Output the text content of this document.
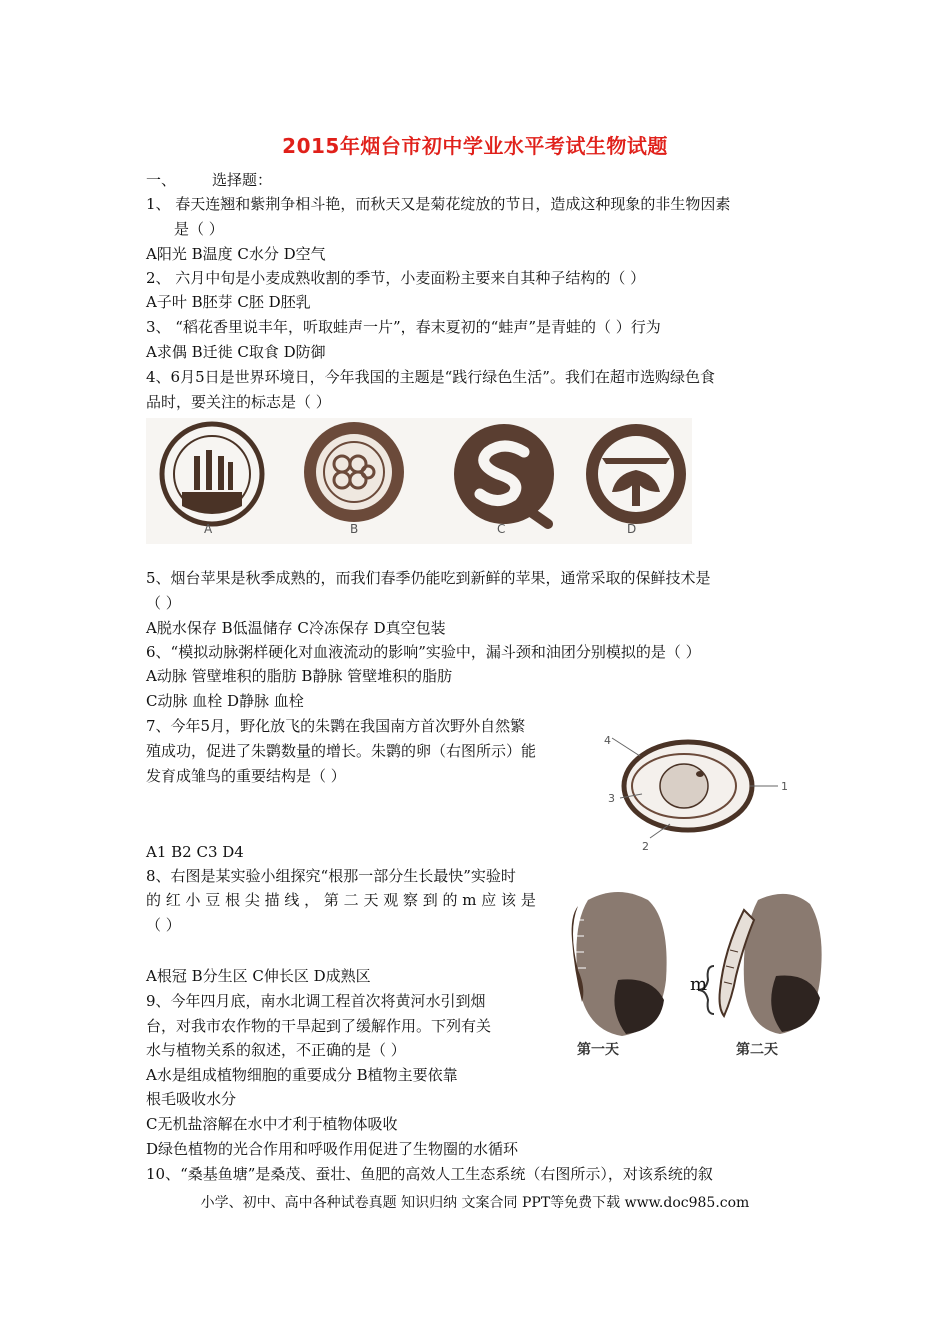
2015年烟台市初中学业水平考试生物试题
一、 选择题：
1、 春天连翘和紫荆争相斗艳，而秋天又是菊花绽放的节日，造成这种现象的非生物因素
是（ ）
A阳光 B温度 C水分 D空气
2、 六月中旬是小麦成熟收割的季节，小麦面粉主要来自其种子结构的（ ）
A子叶 B胚芽 C胚 D胚乳
3、 “稻花香里说丰年，听取蛙声一片”，春末夏初的“蛙声”是青蛙的（ ）行为
A求偶 B迁徙 C取食 D防御
4、6月5日是世界环境日，今年我国的主题是“践行绿色生活”。我们在超市选购绿色食
品时，要关注的标志是（ ）
A	B	C	D
5、烟台苹果是秋季成熟的，而我们春季仍能吃到新鲜的苹果，通常采取的保鲜技术是
（ ）
A脱水保存 B低温储存 C冷冻保存 D真空包装
6、“模拟动脉粥样硬化对血液流动的影响”实验中，漏斗颈和油团分别模拟的是（ ）
A动脉 管壁堆积的脂肪 B静脉 管壁堆积的脂肪
C动脉 血栓 D静脉 血栓
7、今年5月，野化放飞的朱鹮在我国南方首次野外自然繁
殖成功，促进了朱鹮数量的增长。朱鹮的卵（右图所示）能
发育成雏鸟的重要结构是（ ）
A1 B2 C3 D4
4
1
3
2
8、右图是某实验小组探究“根那一部分生长最快”实验时
的 红 小 豆 根 尖 描 线 ， 第 二 天 观 察 到 的 m 应 该 是
（ ）
A根冠 B分生区 C伸长区 D成熟区	m
第一天	第二天
9、今年四月底，南水北调工程首次将黄河水引到烟
台，对我市农作物的干旱起到了缓解作用。下列有关
水与植物关系的叙述，不正确的是（ ）
A水是组成植物细胞的重要成分 B植物主要依靠
根毛吸收水分
C无机盐溶解在水中才利于植物体吸收
D绿色植物的光合作用和呼吸作用促进了生物圈的水循环
10、“桑基鱼塘”是桑茂、蚕壮、鱼肥的高效人工生态系统（右图所示），对该系统的叙
小学、初中、高中各种试卷真题 知识归纳 文案合同 PPT等免费下载 www.doc985.com
